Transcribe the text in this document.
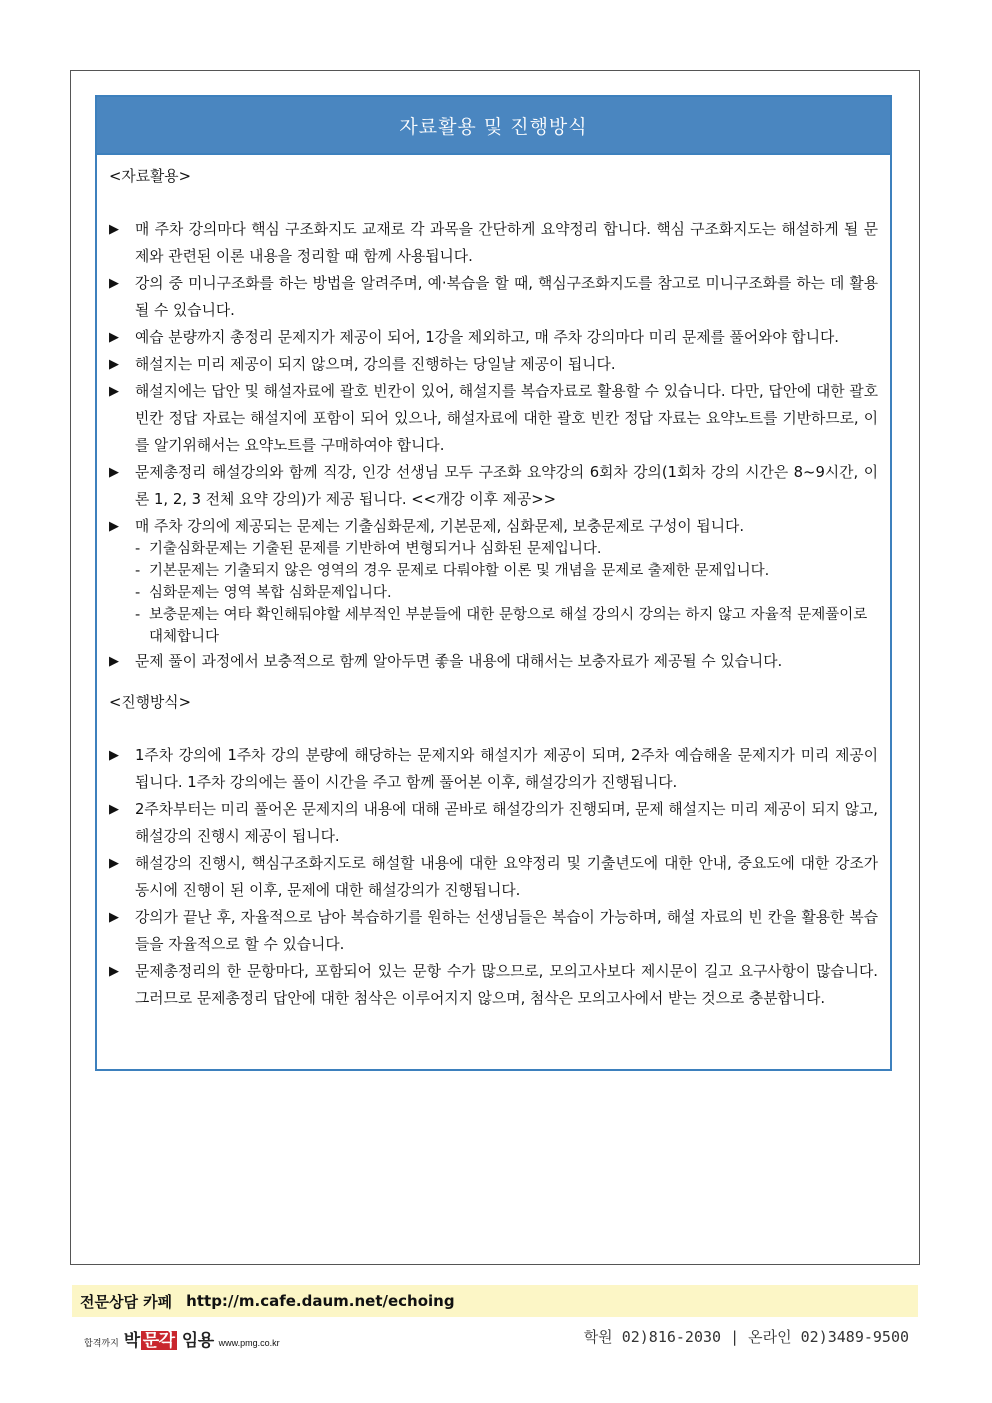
자료활용 및 진행방식
<자료활용>
▶	매 주차 강의마다 핵심 구조화지도 교재로 각 과목을 간단하게 요약정리 합니다. 핵심 구조화지도는 해설하게 될 문제와 관련된 이론 내용을 정리할 때 함께 사용됩니다.
▶	강의 중 미니구조화를 하는 방법을 알려주며, 예·복습을 할 때, 핵심구조화지도를 참고로 미니구조화를 하는 데 활용될 수 있습니다.
▶	예습 분량까지 총정리 문제지가 제공이 되어, 1강을 제외하고, 매 주차 강의마다 미리 문제를 풀어와야 합니다.
▶	해설지는 미리 제공이 되지 않으며, 강의를 진행하는 당일날 제공이 됩니다.
▶	해설지에는 답안 및 해설자료에 괄호 빈칸이 있어, 해설지를 복습자료로 활용할 수 있습니다. 다만, 답안에 대한 괄호 빈칸 정답 자료는 해설지에 포함이 되어 있으나, 해설자료에 대한 괄호 빈칸 정답 자료는 요약노트를 기반하므로, 이를 알기위해서는 요약노트를 구매하여야 합니다.
▶	문제총정리 해설강의와 함께 직강, 인강 선생님 모두 구조화 요약강의 6회차 강의(1회차 강의 시간은 8~9시간, 이론 1, 2, 3 전체 요약 강의)가 제공 됩니다. <<개강 이후 제공>>
▶	매 주차 강의에 제공되는 문제는 기출심화문제, 기본문제, 심화문제, 보충문제로 구성이 됩니다.
- 기출심화문제는 기출된 문제를 기반하여 변형되거나 심화된 문제입니다.
- 기본문제는 기출되지 않은 영역의 경우 문제로 다뤄야할 이론 및 개념을 문제로 출제한 문제입니다.
- 심화문제는 영역 복합 심화문제입니다.
- 보충문제는 여타 확인해둬야할 세부적인 부분들에 대한 문항으로 해설 강의시 강의는 하지 않고 자율적 문제풀이로 대체합니다
▶	문제 풀이 과정에서 보충적으로 함께 알아두면 좋을 내용에 대해서는 보충자료가 제공될 수 있습니다.
<진행방식>
▶	1주차 강의에 1주차 강의 분량에 해당하는 문제지와 해설지가 제공이 되며, 2주차 예습해올 문제지가 미리 제공이 됩니다. 1주차 강의에는 풀이 시간을 주고 함께 풀어본 이후, 해설강의가 진행됩니다.
▶	2주차부터는 미리 풀어온 문제지의 내용에 대해 곧바로 해설강의가 진행되며, 문제 해설지는 미리 제공이 되지 않고, 해설강의 진행시 제공이 됩니다.
▶	해설강의 진행시, 핵심구조화지도로 해설할 내용에 대한 요약정리 및 기출년도에 대한 안내, 중요도에 대한 강조가 동시에 진행이 된 이후, 문제에 대한 해설강의가 진행됩니다.
▶	강의가 끝난 후, 자율적으로 남아 복습하기를 원하는 선생님들은 복습이 가능하며, 해설 자료의 빈 칸을 활용한 복습들을 자율적으로 할 수 있습니다.
▶	문제총정리의 한 문항마다, 포함되어 있는 문항 수가 많으므로, 모의고사보다 제시문이 길고 요구사항이 많습니다. 그러므로 문제총정리 답안에 대한 첨삭은 이루어지지 않으며, 첨삭은 모의고사에서 받는 것으로 충분합니다.
전문상담 카페 http://m.cafe.daum.net/echoing
합격까지 박 문각 임용 www.pmg.co.kr	학원 02)816-2030 | 온라인 02)3489-9500
